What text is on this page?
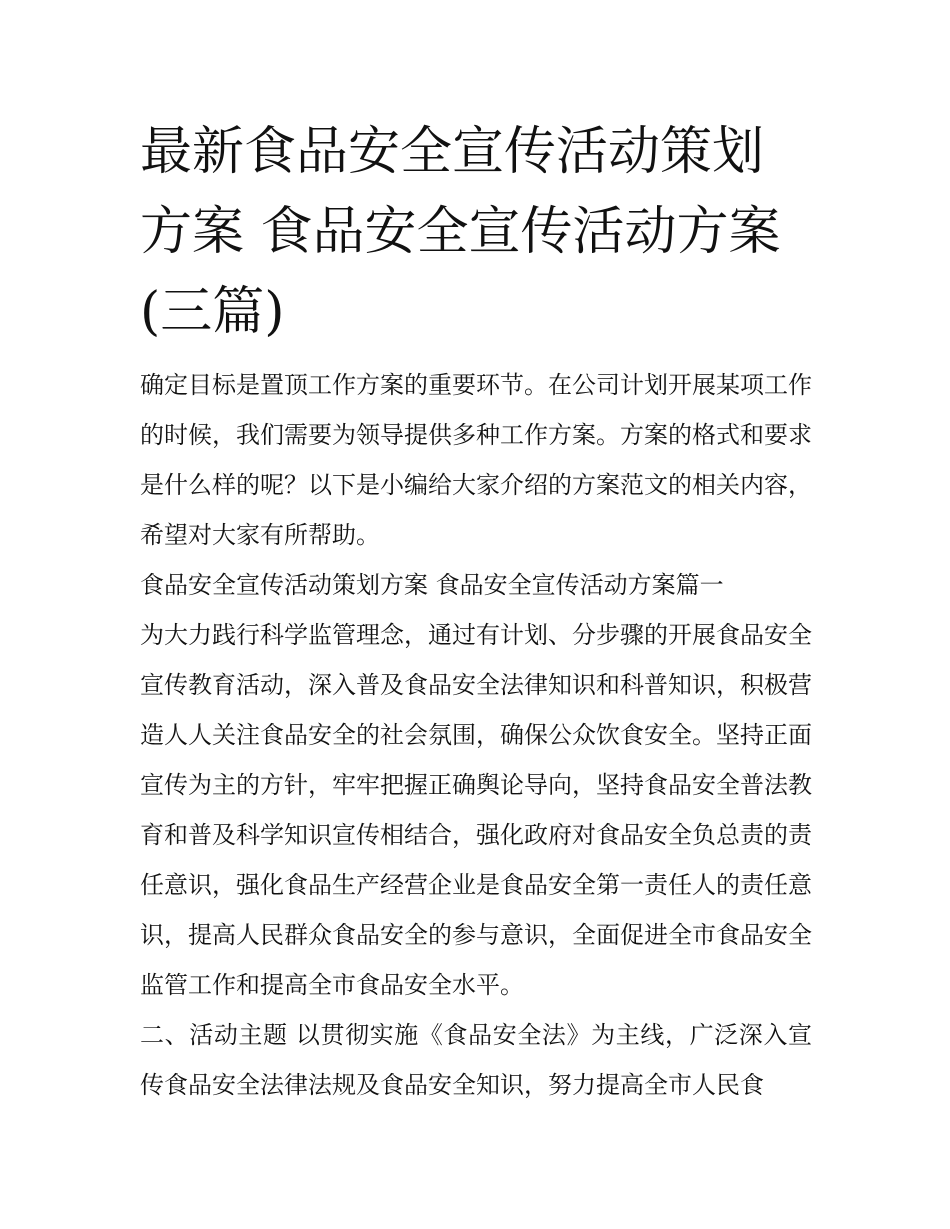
最新食品安全宣传活动策划方案 食品安全宣传活动方案(三篇)

确定目标是置顶工作方案的重要环节。在公司计划开展某项工作的时候，我们需要为领导提供多种工作方案。方案的格式和要求是什么样的呢？以下是小编给大家介绍的方案范文的相关内容，希望对大家有所帮助。

食品安全宣传活动策划方案 食品安全宣传活动方案篇一

为大力践行科学监管理念，通过有计划、分步骤的开展食品安全宣传教育活动，深入普及食品安全法律知识和科普知识，积极营造人人关注食品安全的社会氛围，确保公众饮食安全。坚持正面宣传为主的方针，牢牢把握正确舆论导向，坚持食品安全普法教育和普及科学知识宣传相结合，强化政府对食品安全负总责的责任意识，强化食品生产经营企业是食品安全第一责任人的责任意识，提高人民群众食品安全的参与意识，全面促进全市食品安全监管工作和提高全市食品安全水平。

二、活动主题 以贯彻实施《食品安全法》为主线，广泛深入宣传食品安全法律法规及食品安全知识，努力提高全市人民食
